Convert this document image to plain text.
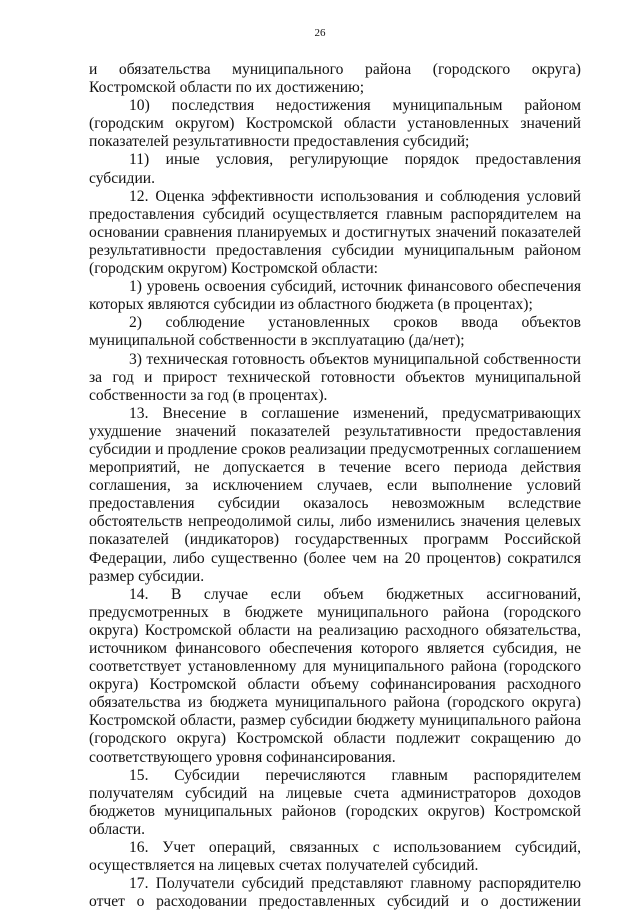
26

и обязательства муниципального района (городского округа) Костромской области по их достижению;

10) последствия недостижения муниципальным районом (городским округом) Костромской области установленных значений показателей результативности предоставления субсидий;

11) иные условия, регулирующие порядок предоставления субсидии.

12. Оценка эффективности использования и соблюдения условий предоставления субсидий осуществляется главным распорядителем на основании сравнения планируемых и достигнутых значений показателей результативности предоставления субсидии муниципальным районом (городским округом) Костромской области:

1) уровень освоения субсидий, источник финансового обеспечения которых являются субсидии из областного бюджета (в процентах);

2) соблюдение установленных сроков ввода объектов муниципальной собственности в эксплуатацию (да/нет);

3) техническая готовность объектов муниципальной собственности за год и прирост технической готовности объектов муниципальной собственности за год (в процентах).

13. Внесение в соглашение изменений, предусматривающих ухудшение значений показателей результативности предоставления субсидии и продление сроков реализации предусмотренных соглашением мероприятий, не допускается в течение всего периода действия соглашения, за исключением случаев, если выполнение условий предоставления субсидии оказалось невозможным вследствие обстоятельств непреодолимой силы, либо изменились значения целевых показателей (индикаторов) государственных программ Российской Федерации, либо существенно (более чем на 20 процентов) сократился размер субсидии.

14. В случае если объем бюджетных ассигнований, предусмотренных в бюджете муниципального района (городского округа) Костромской области на реализацию расходного обязательства, источником финансового обеспечения которого является субсидия, не соответствует установленному для муниципального района (городского округа) Костромской области объему софинансирования расходного обязательства из бюджета муниципального района (городского округа) Костромской области, размер субсидии бюджету муниципального района (городского округа) Костромской области подлежит сокращению до соответствующего уровня софинансирования.

15. Субсидии перечисляются главным распорядителем получателям субсидий на лицевые счета администраторов доходов бюджетов муниципальных районов (городских округов) Костромской области.

16. Учет операций, связанных с использованием субсидий, осуществляется на лицевых счетах получателей субсидий.

17. Получатели субсидий представляют главному распорядителю отчет о расходовании предоставленных субсидий и о достижении
